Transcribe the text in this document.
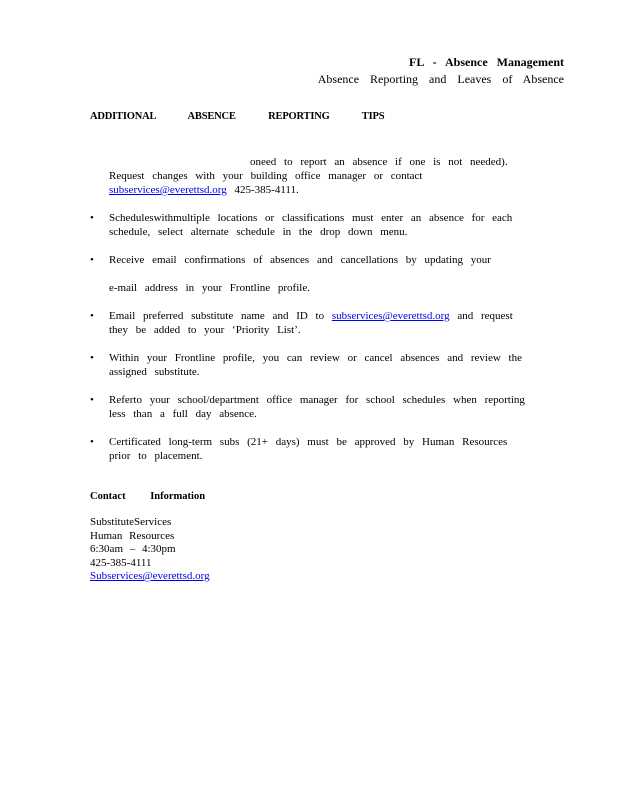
FL - Absence Management
Absence Reporting and Leaves of Absence
ADDITIONAL ABSENCE REPORTING TIPS
oneed to report an absence if one is not needed).
Request changes with your building office manager or contact
subservices@everettsd.org 425-385-4111.
• Scheduleswithmultiple locations or classifications must enter an absence for each schedule, select alternate schedule in the drop down menu.
• Receive email confirmations of absences and cancellations by updating your
e-mail address in your Frontline profile.
• Email preferred substitute name and ID to subservices@everettsd.org and request they be added to your ‘Priority List’.
• Within your Frontline profile, you can review or cancel absences and review the assigned substitute.
• Referto your school/department office manager for school schedules when reporting less than a full day absence.
• Certificated long-term subs (21+ days) must be approved by Human Resources prior to placement.
Contact Information
SubstituteServices
Human Resources
6:30am – 4:30pm
425-385-4111
Subservices@everettsd.org
